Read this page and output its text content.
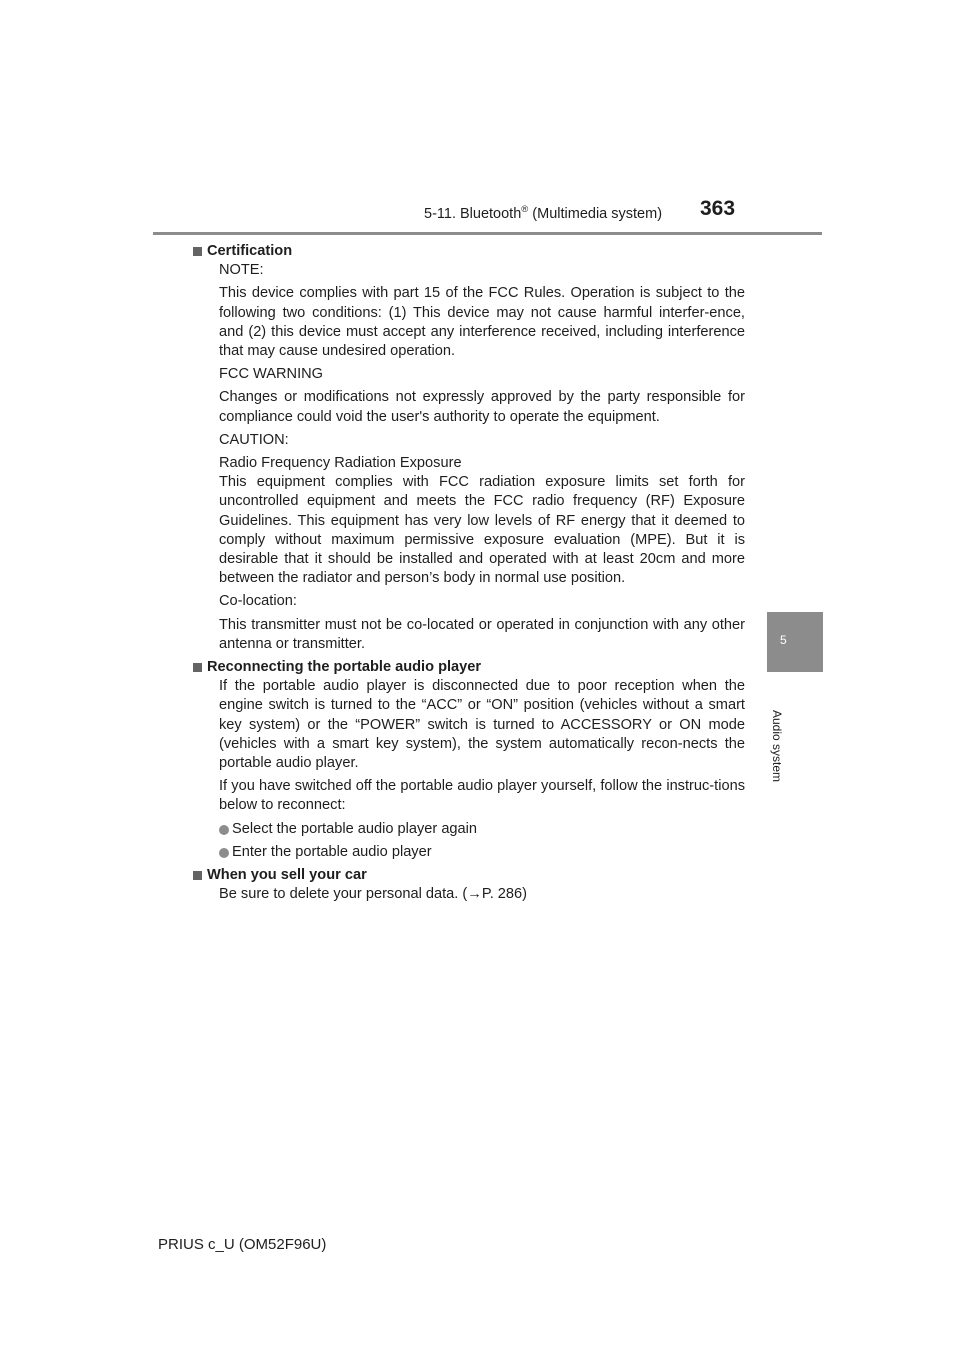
5-11. Bluetooth® (Multimedia system) 363
5
Audio system
Certification
NOTE:
This device complies with part 15 of the FCC Rules. Operation is subject to the following two conditions: (1) This device may not cause harmful interfer-ence, and (2) this device must accept any interference received, including interference that may cause undesired operation.
FCC WARNING
Changes or modifications not expressly approved by the party responsible for compliance could void the user's authority to operate the equipment.
CAUTION:
Radio Frequency Radiation Exposure
This equipment complies with FCC radiation exposure limits set forth for uncontrolled equipment and meets the FCC radio frequency (RF) Exposure Guidelines. This equipment has very low levels of RF energy that it deemed to comply without maximum permissive exposure evaluation (MPE). But it is desirable that it should be installed and operated with at least 20cm and more between the radiator and person’s body in normal use position.
Co-location:
This transmitter must not be co-located or operated in conjunction with any other antenna or transmitter.
Reconnecting the portable audio player
If the portable audio player is disconnected due to poor reception when the engine switch is turned to the “ACC” or “ON” position (vehicles without a smart key system) or the “POWER” switch is turned to ACCESSORY or ON mode (vehicles with a smart key system), the system automatically recon-nects the portable audio player.
If you have switched off the portable audio player yourself, follow the instruc-tions below to reconnect:
Select the portable audio player again
Enter the portable audio player
When you sell your car
Be sure to delete your personal data. (→P. 286)
PRIUS c_U (OM52F96U)
